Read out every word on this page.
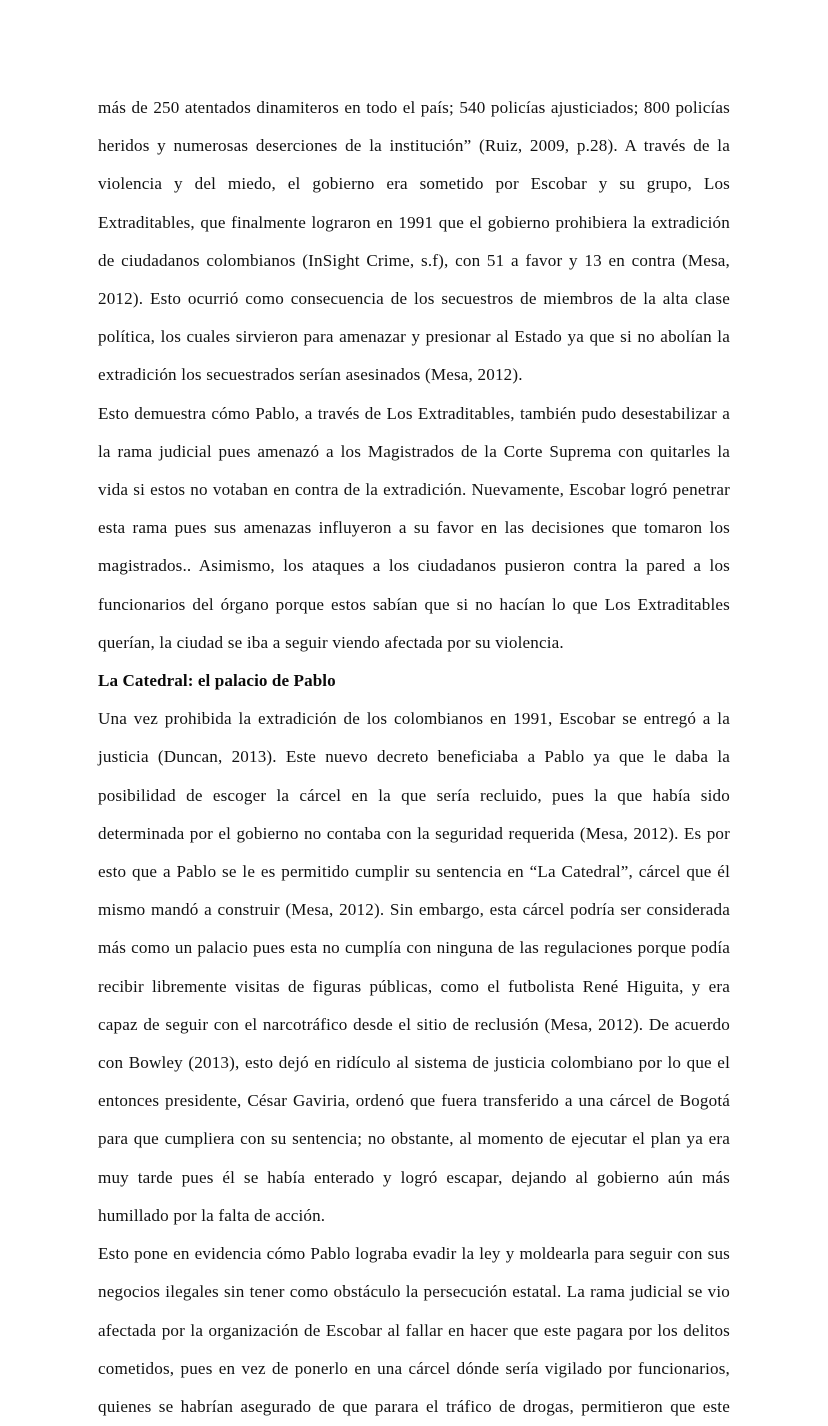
más de 250 atentados dinamiteros en todo el país; 540 policías ajusticiados; 800 policías heridos y numerosas deserciones de la institución” (Ruiz, 2009, p.28). A través de la violencia y del miedo, el gobierno era sometido por Escobar y su grupo, Los Extraditables, que finalmente lograron en 1991 que el gobierno prohibiera la extradición de ciudadanos colombianos (InSight Crime, s.f), con 51 a favor y 13 en contra (Mesa, 2012). Esto ocurrió como consecuencia de los secuestros de miembros de la alta clase política, los cuales sirvieron para amenazar y presionar al Estado ya que si no abolían la extradición los secuestrados serían asesinados (Mesa, 2012).

Esto demuestra cómo Pablo, a través de Los Extraditables, también pudo desestabilizar a la rama judicial pues amenazó a los Magistrados de la Corte Suprema con quitarles la vida si estos no votaban en contra de la extradición. Nuevamente, Escobar logró penetrar esta rama pues sus amenazas influyeron a su favor en las decisiones que tomaron los magistrados.. Asimismo, los ataques a los ciudadanos pusieron contra la pared a los funcionarios del órgano porque estos sabían que si no hacían lo que Los Extraditables querían, la ciudad se iba a seguir viendo afectada por su violencia.

La Catedral: el palacio de Pablo

Una vez prohibida la extradición de los colombianos en 1991, Escobar se entregó a la justicia (Duncan, 2013). Este nuevo decreto beneficiaba a Pablo ya que le daba la posibilidad de escoger la cárcel en la que sería recluido, pues la que había sido determinada por el gobierno no contaba con la seguridad requerida (Mesa, 2012). Es por esto que a Pablo se le es permitido cumplir su sentencia en “La Catedral”, cárcel que él mismo mandó a construir (Mesa, 2012). Sin embargo, esta cárcel podría ser considerada más como un palacio pues esta no cumplía con ninguna de las regulaciones porque podía recibir libremente visitas de figuras públicas, como el futbolista René Higuita, y era capaz de seguir con el narcotráfico desde el sitio de reclusión (Mesa, 2012). De acuerdo con Bowley (2013), esto dejó en ridículo al sistema de justicia colombiano por lo que el entonces presidente, César Gaviria, ordenó que fuera transferido a una cárcel de Bogotá para que cumpliera con su sentencia; no obstante, al momento de ejecutar el plan ya era muy tarde pues él se había enterado y logró escapar, dejando al gobierno aún más humillado por la falta de acción.

Esto pone en evidencia cómo Pablo lograba evadir la ley y moldearla para seguir con sus negocios ilegales sin tener como obstáculo la persecución estatal. La rama judicial se vio afectada por la organización de Escobar al fallar en hacer que este pagara por los delitos cometidos, pues en vez de ponerlo en una cárcel dónde sería vigilado por funcionarios, quienes se habrían asegurado de que parara el tráfico de drogas, permitieron que este
